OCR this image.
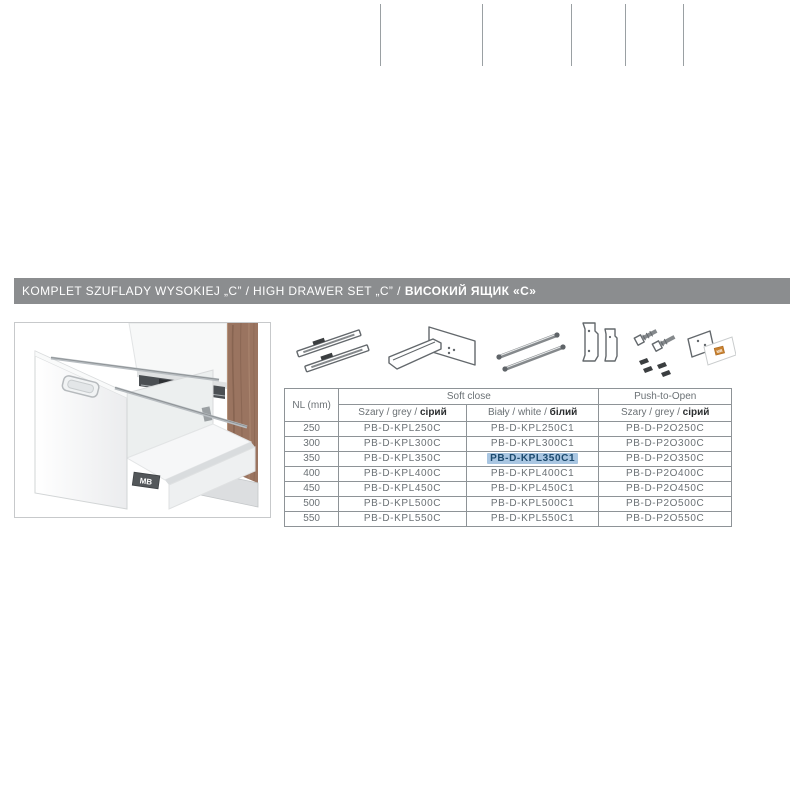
KOMPLET SZUFLADY WYSOKIEJ „C” / HIGH DRAWER SET „C” / ВИСОКИЙ ЯЩИК «С»
MB
MB
NL (mm)	Soft close		Push-to-Open
	Szary / grey / сірий	Biały / white / білий	Szary / grey / сірий
250	PB-D-KPL250C	PB-D-KPL250C1	PB-D-P2O250C
300	PB-D-KPL300C	PB-D-KPL300C1	PB-D-P2O300C
350	PB-D-KPL350C	PB-D-KPL350C1	PB-D-P2O350C
400	PB-D-KPL400C	PB-D-KPL400C1	PB-D-P2O400C
450	PB-D-KPL450C	PB-D-KPL450C1	PB-D-P2O450C
500	PB-D-KPL500C	PB-D-KPL500C1	PB-D-P2O500C
550	PB-D-KPL550C	PB-D-KPL550C1	PB-D-P2O550C
